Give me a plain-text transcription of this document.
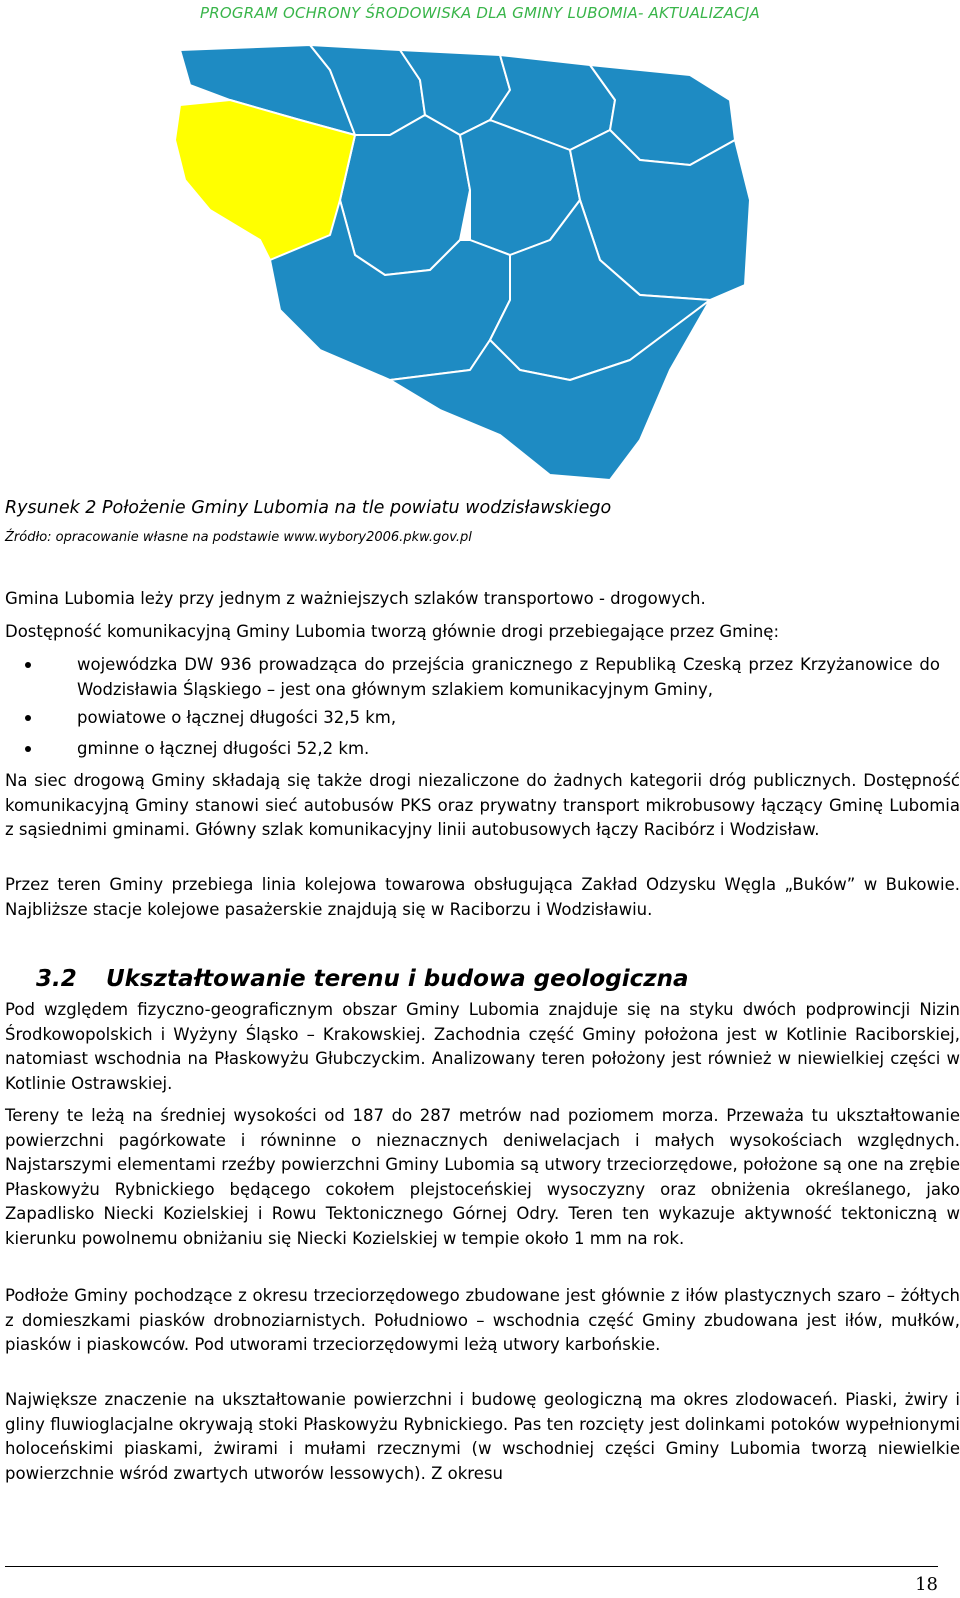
PROGRAM OCHRONY ŚRODOWISKA DLA GMINY LUBOMIA- AKTUALIZACJA
Rysunek 2 Położenie Gminy Lubomia na tle powiatu wodzisławskiego
Źródło: opracowanie własne na podstawie www.wybory2006.pkw.gov.pl

Gmina Lubomia leży przy jednym z ważniejszych szlaków transportowo - drogowych.

Dostępność komunikacyjną Gminy Lubomia tworzą głównie drogi przebiegające przez Gminę:

wojewódzka DW 936 prowadząca do przejścia granicznego z Republiką Czeską przez Krzyżanowice do Wodzisławia Śląskiego – jest ona głównym szlakiem komunikacyjnym Gminy,
powiatowe o łącznej długości 32,5 km,
gminne o łącznej długości 52,2 km.

Na siec drogową Gminy składają się także drogi niezaliczone do żadnych kategorii dróg publicznych. Dostępność komunikacyjną Gminy stanowi sieć autobusów PKS oraz prywatny transport mikrobusowy łączący Gminę Lubomia z sąsiednimi gminami. Główny szlak komunikacyjny linii autobusowych łączy Racibórz i Wodzisław.

Przez teren Gminy przebiega linia kolejowa towarowa obsługująca Zakład Odzysku Węgla „Buków” w Bukowie. Najbliższe stacje kolejowe pasażerskie znajdują się w Raciborzu i Wodzisławiu.

3.2 Ukształtowanie terenu i budowa geologiczna

Pod względem fizyczno-geograficznym obszar Gminy Lubomia znajduje się na styku dwóch podprowincji Nizin Środkowopolskich i Wyżyny Śląsko – Krakowskiej. Zachodnia część Gminy położona jest w Kotlinie Raciborskiej, natomiast wschodnia na Płaskowyżu Głubczyckim. Analizowany teren położony jest również w niewielkiej części w Kotlinie Ostrawskiej.

Tereny te leżą na średniej wysokości od 187 do 287 metrów nad poziomem morza. Przeważa tu ukształtowanie powierzchni pagórkowate i równinne o nieznacznych deniwelacjach i małych wysokościach względnych. Najstarszymi elementami rzeźby powierzchni Gminy Lubomia są utwory trzeciorzędowe, położone są one na zrębie Płaskowyżu Rybnickiego będącego cokołem plejstoceńskiej wysoczyzny oraz obniżenia określanego, jako Zapadlisko Niecki Kozielskiej i Rowu Tektonicznego Górnej Odry. Teren ten wykazuje aktywność tektoniczną w kierunku powolnemu obniżaniu się Niecki Kozielskiej w tempie około 1 mm na rok.

Podłoże Gminy pochodzące z okresu trzeciorzędowego zbudowane jest głównie z iłów plastycznych szaro – żółtych z domieszkami piasków drobnoziarnistych. Południowo – wschodnia część Gminy zbudowana jest iłów, mułków, piasków i piaskowców. Pod utworami trzeciorzędowymi leżą utwory karbońskie.

Największe znaczenie na ukształtowanie powierzchni i budowę geologiczną ma okres zlodowaceń. Piaski, żwiry i gliny fluwioglacjalne okrywają stoki Płaskowyżu Rybnickiego. Pas ten rozcięty jest dolinkami potoków wypełnionymi holoceńskimi piaskami, żwirami i mułami rzecznymi (w wschodniej części Gminy Lubomia tworzą niewielkie powierzchnie wśród zwartych utworów lessowych). Z okresu

18
